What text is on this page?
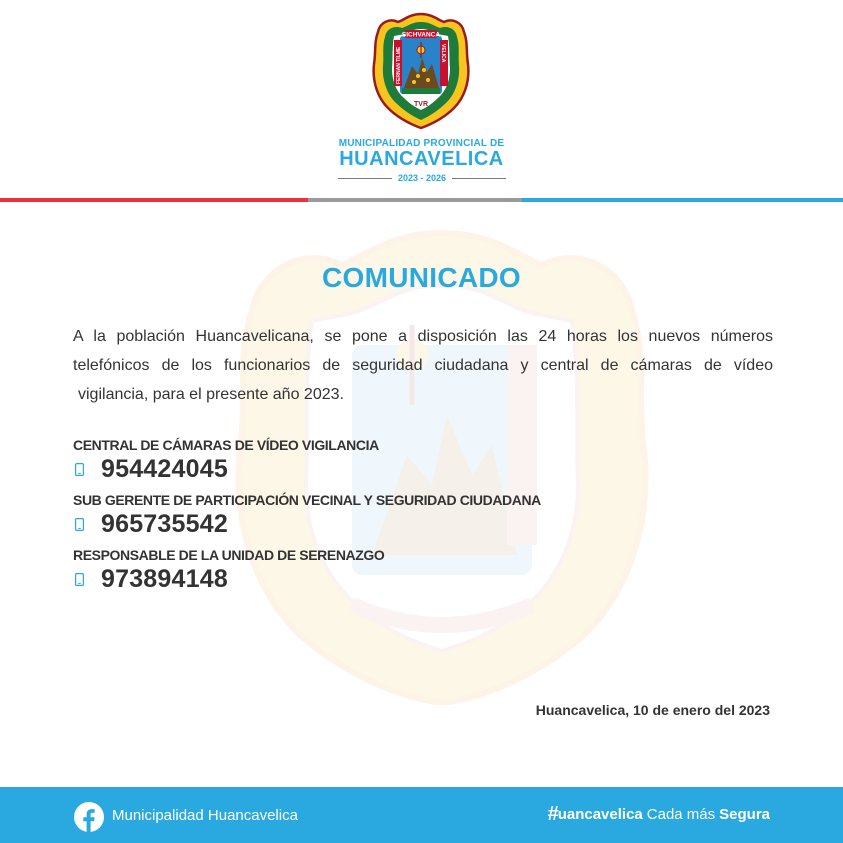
SICHVANCA
FERNAN TILME	VELICA
TVR
MUNICIPALIDAD PROVINCIAL DE
HUANCAVELICA
2023 - 2026
COMUNICADO
A la población Huancavelicana, se pone a disposición las 24 horas los nuevos números
telefónicos de los funcionarios de seguridad ciudadana y central de cámaras de vídeo
vigilancia, para el presente año 2023.
CENTRAL DE CÁMARAS DE VÍDEO VIGILANCIA
954424045
SUB GERENTE DE PARTICIPACIÓN VECINAL Y SEGURIDAD CIUDADANA
965735542
RESPONSABLE DE LA UNIDAD DE SERENAZGO
973894148
Huancavelica, 10 de enero del 2023
Municipalidad Huancavelica	# uancavelica Cada más Segura
